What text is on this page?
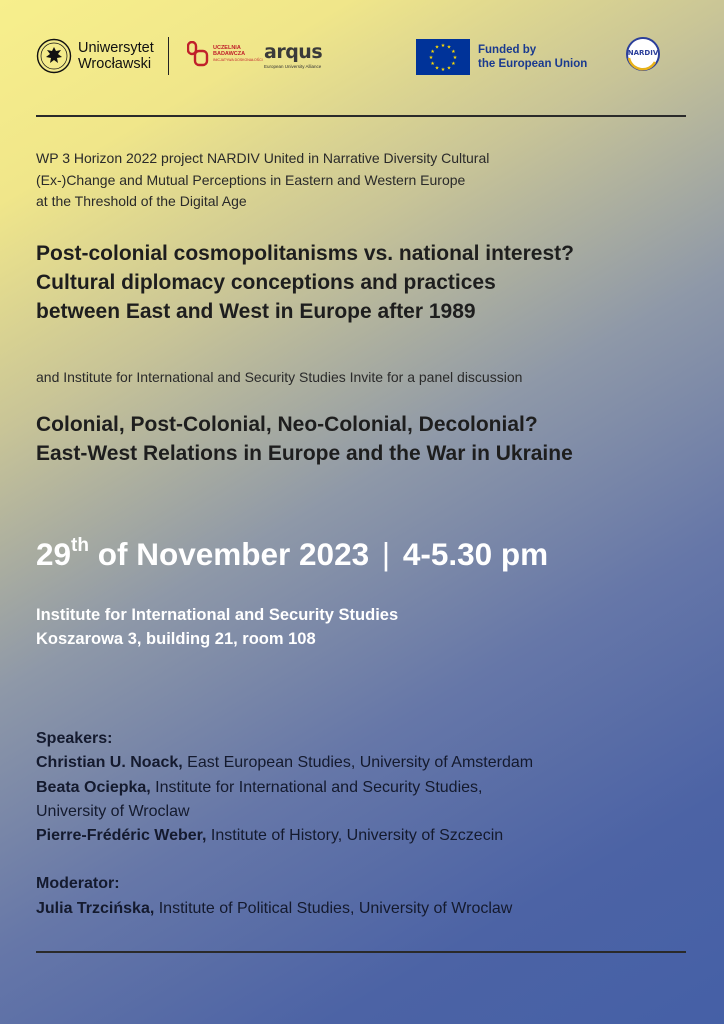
Uniwersytet
Wrocławski
UCZELNIA
BADAWCZA
INICJATYWA DOSKONAŁOŚCI arqus
European University Alliance
★ ★
★
★
★
★
★
★
★
★
★
★	Funded by
the European Union
NARDIV
WP 3 Horizon 2022 project NARDIV United in Narrative Diversity Cultural
(Ex-)Change and Mutual Perceptions in Eastern and Western Europe
at the Threshold of the Digital Age
Post-colonial cosmopolitanisms vs. national interest?
Cultural diplomacy conceptions and practices
between East and West in Europe after 1989
and Institute for International and Security Studies Invite for a panel discussion
Colonial, Post-Colonial, Neo-Colonial, Decolonial?
East-West Relations in Europe and the War in Ukraine
29th of November 2023 | 4-5.30 pm
Institute for International and Security Studies
Koszarowa 3, building 21, room 108
Speakers:
Christian U. Noack, East European Studies, University of Amsterdam
Beata Ociepka, Institute for International and Security Studies,
University of Wroclaw
Pierre-Frédéric Weber, Institute of History, University of Szczecin
Moderator:
Julia Trzcińska, Institute of Political Studies, University of Wroclaw
